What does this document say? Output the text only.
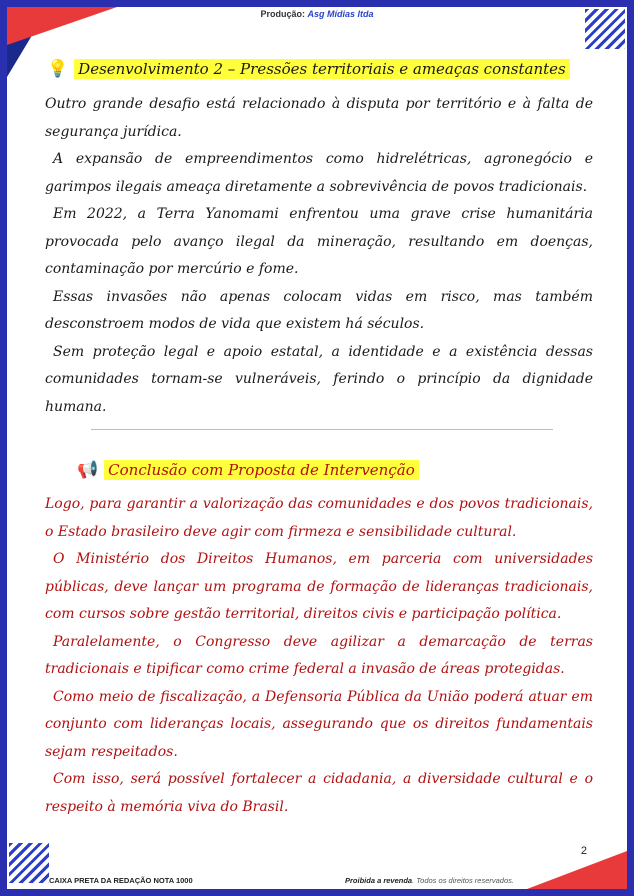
Produção: Asg Mídias ltda
💡 Desenvolvimento 2 – Pressões territoriais e ameaças constantes

Outro grande desafio está relacionado à disputa por território e à falta de segurança jurídica.

A expansão de empreendimentos como hidrelétricas, agronegócio e garimpos ilegais ameaça diretamente a sobrevivência de povos tradicionais.

Em 2022, a Terra Yanomami enfrentou uma grave crise humanitária provocada pelo avanço ilegal da mineração, resultando em doenças, contaminação por mercúrio e fome.

Essas invasões não apenas colocam vidas em risco, mas também desconstroem modos de vida que existem há séculos.

Sem proteção legal e apoio estatal, a identidade e a existência dessas comunidades tornam-se vulneráveis, ferindo o princípio da dignidade humana.

📢 Conclusão com Proposta de Intervenção

Logo, para garantir a valorização das comunidades e dos povos tradicionais, o Estado brasileiro deve agir com firmeza e sensibilidade cultural.

O Ministério dos Direitos Humanos, em parceria com universidades públicas, deve lançar um programa de formação de lideranças tradicionais, com cursos sobre gestão territorial, direitos civis e participação política.

Paralelamente, o Congresso deve agilizar a demarcação de terras tradicionais e tipificar como crime federal a invasão de áreas protegidas.

Como meio de fiscalização, a Defensoria Pública da União poderá atuar em conjunto com lideranças locais, assegurando que os direitos fundamentais sejam respeitados.

Com isso, será possível fortalecer a cidadania, a diversidade cultural e o respeito à memória viva do Brasil.

2
CAIXA PRETA DA REDAÇÃO NOTA 1000	Proibida a revenda. Todos os direitos reservados.
